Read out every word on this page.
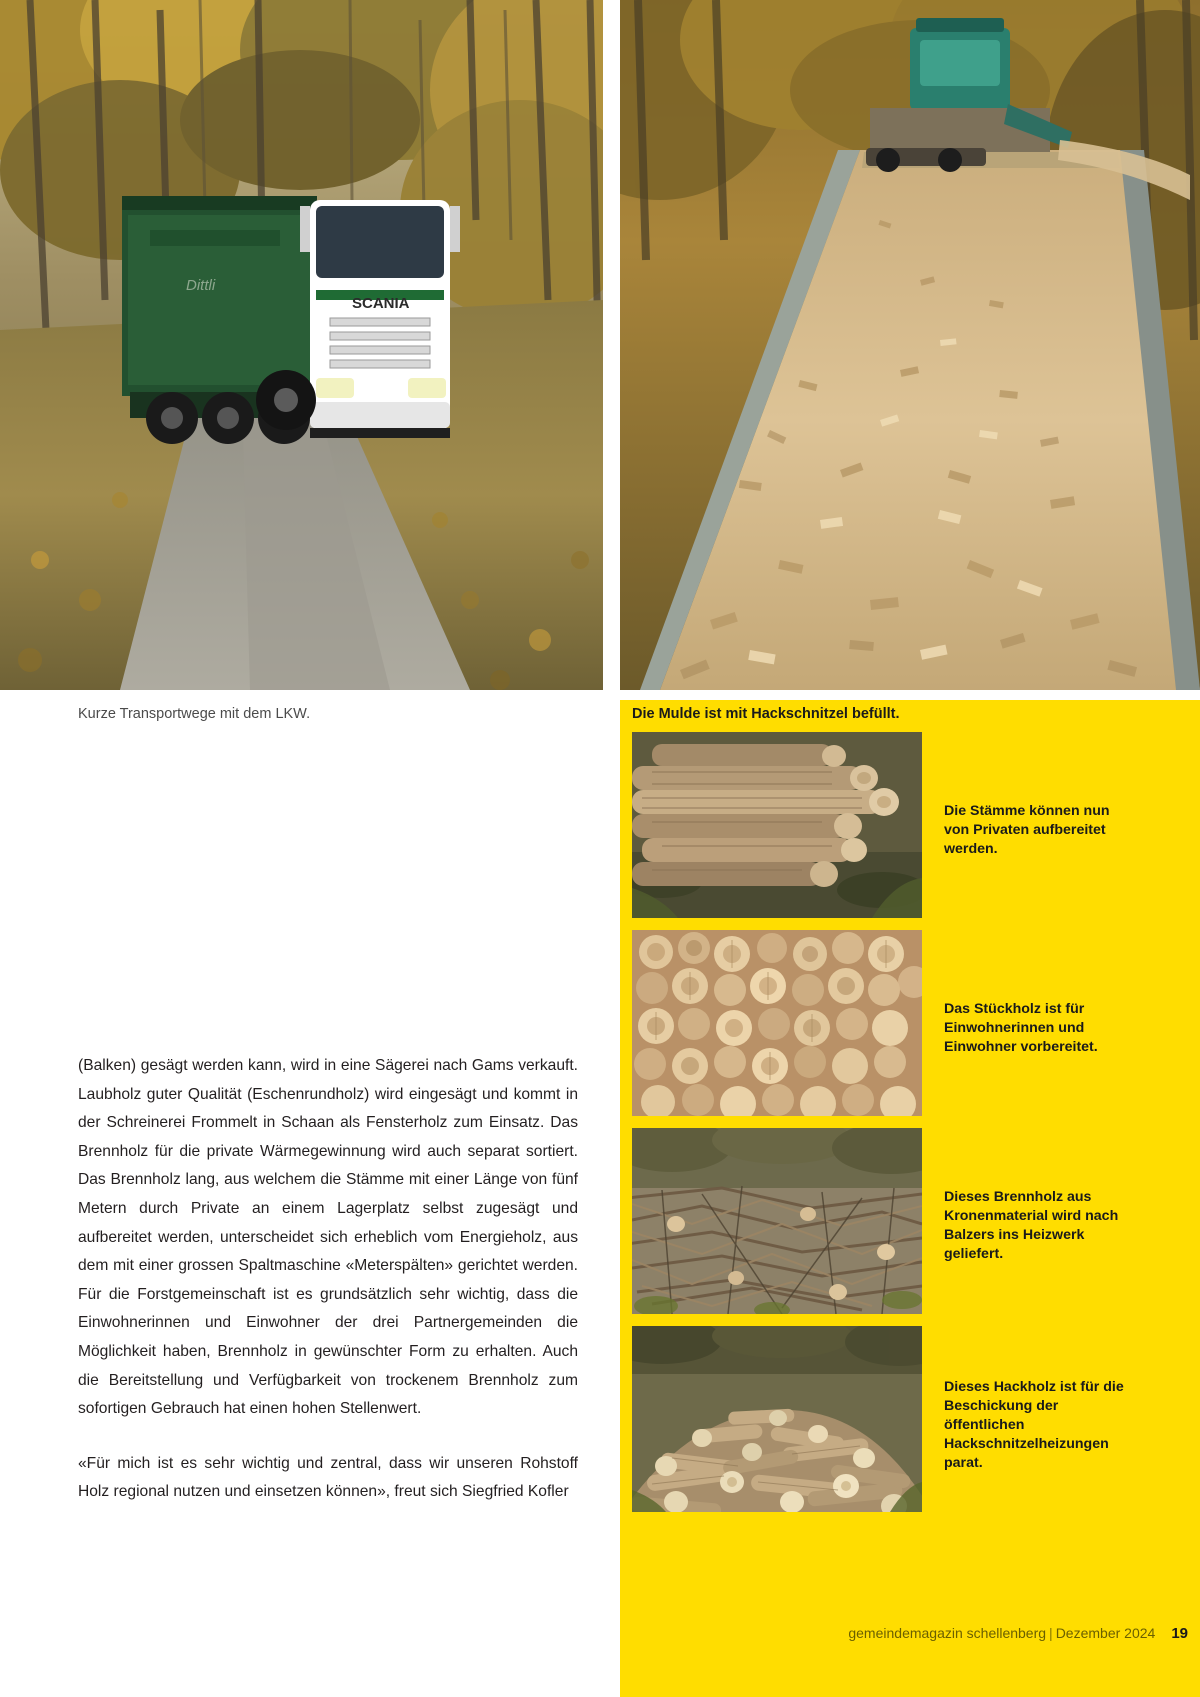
Dittli
SCANIA
Kurze Transportwege mit dem LKW.	Die Mulde ist mit Hackschnitzel befüllt.

(Balken) gesägt werden kann, wird in eine Sägerei nach Gams verkauft. Laubholz guter Qualität (Eschenrundholz) wird eingesägt und kommt in der Schreinerei Frommelt in Schaan als Fensterholz zum Einsatz. Das Brennholz für die private Wärmegewinnung wird auch separat sortiert. Das Brennholz lang, aus welchem die Stämme mit einer Länge von fünf Metern durch Private an einem Lagerplatz selbst zugesägt und aufbereitet werden, unterscheidet sich erheblich vom Energieholz, aus dem mit einer grossen Spaltmaschine «Meterspälten» gerichtet werden. Für die Forstgemeinschaft ist es grundsätzlich sehr wichtig, dass die Einwohnerinnen und Einwohner der drei Partnergemeinden die Möglichkeit haben, Brennholz in gewünschter Form zu erhalten. Auch die Bereitstellung und Verfügbarkeit von trockenem Brennholz zum sofortigen Gebrauch hat einen hohen Stellenwert.

«Für mich ist es sehr wichtig und zentral, dass wir unseren Rohstoff Holz regional nutzen und einsetzen können», freut sich Siegfried Kofler

Die Stämme können nun von Privaten aufbereitet werden.
Das Stückholz ist für Einwohnerinnen und Einwohner vorbereitet.
Dieses Brennholz aus Kronenmaterial wird nach Balzers ins Heizwerk geliefert.
Dieses Hackholz ist für die Beschickung der öffentlichen Hackschnitzelheizungen parat.
gemeindemagazin schellenberg | Dezember 2024 19
